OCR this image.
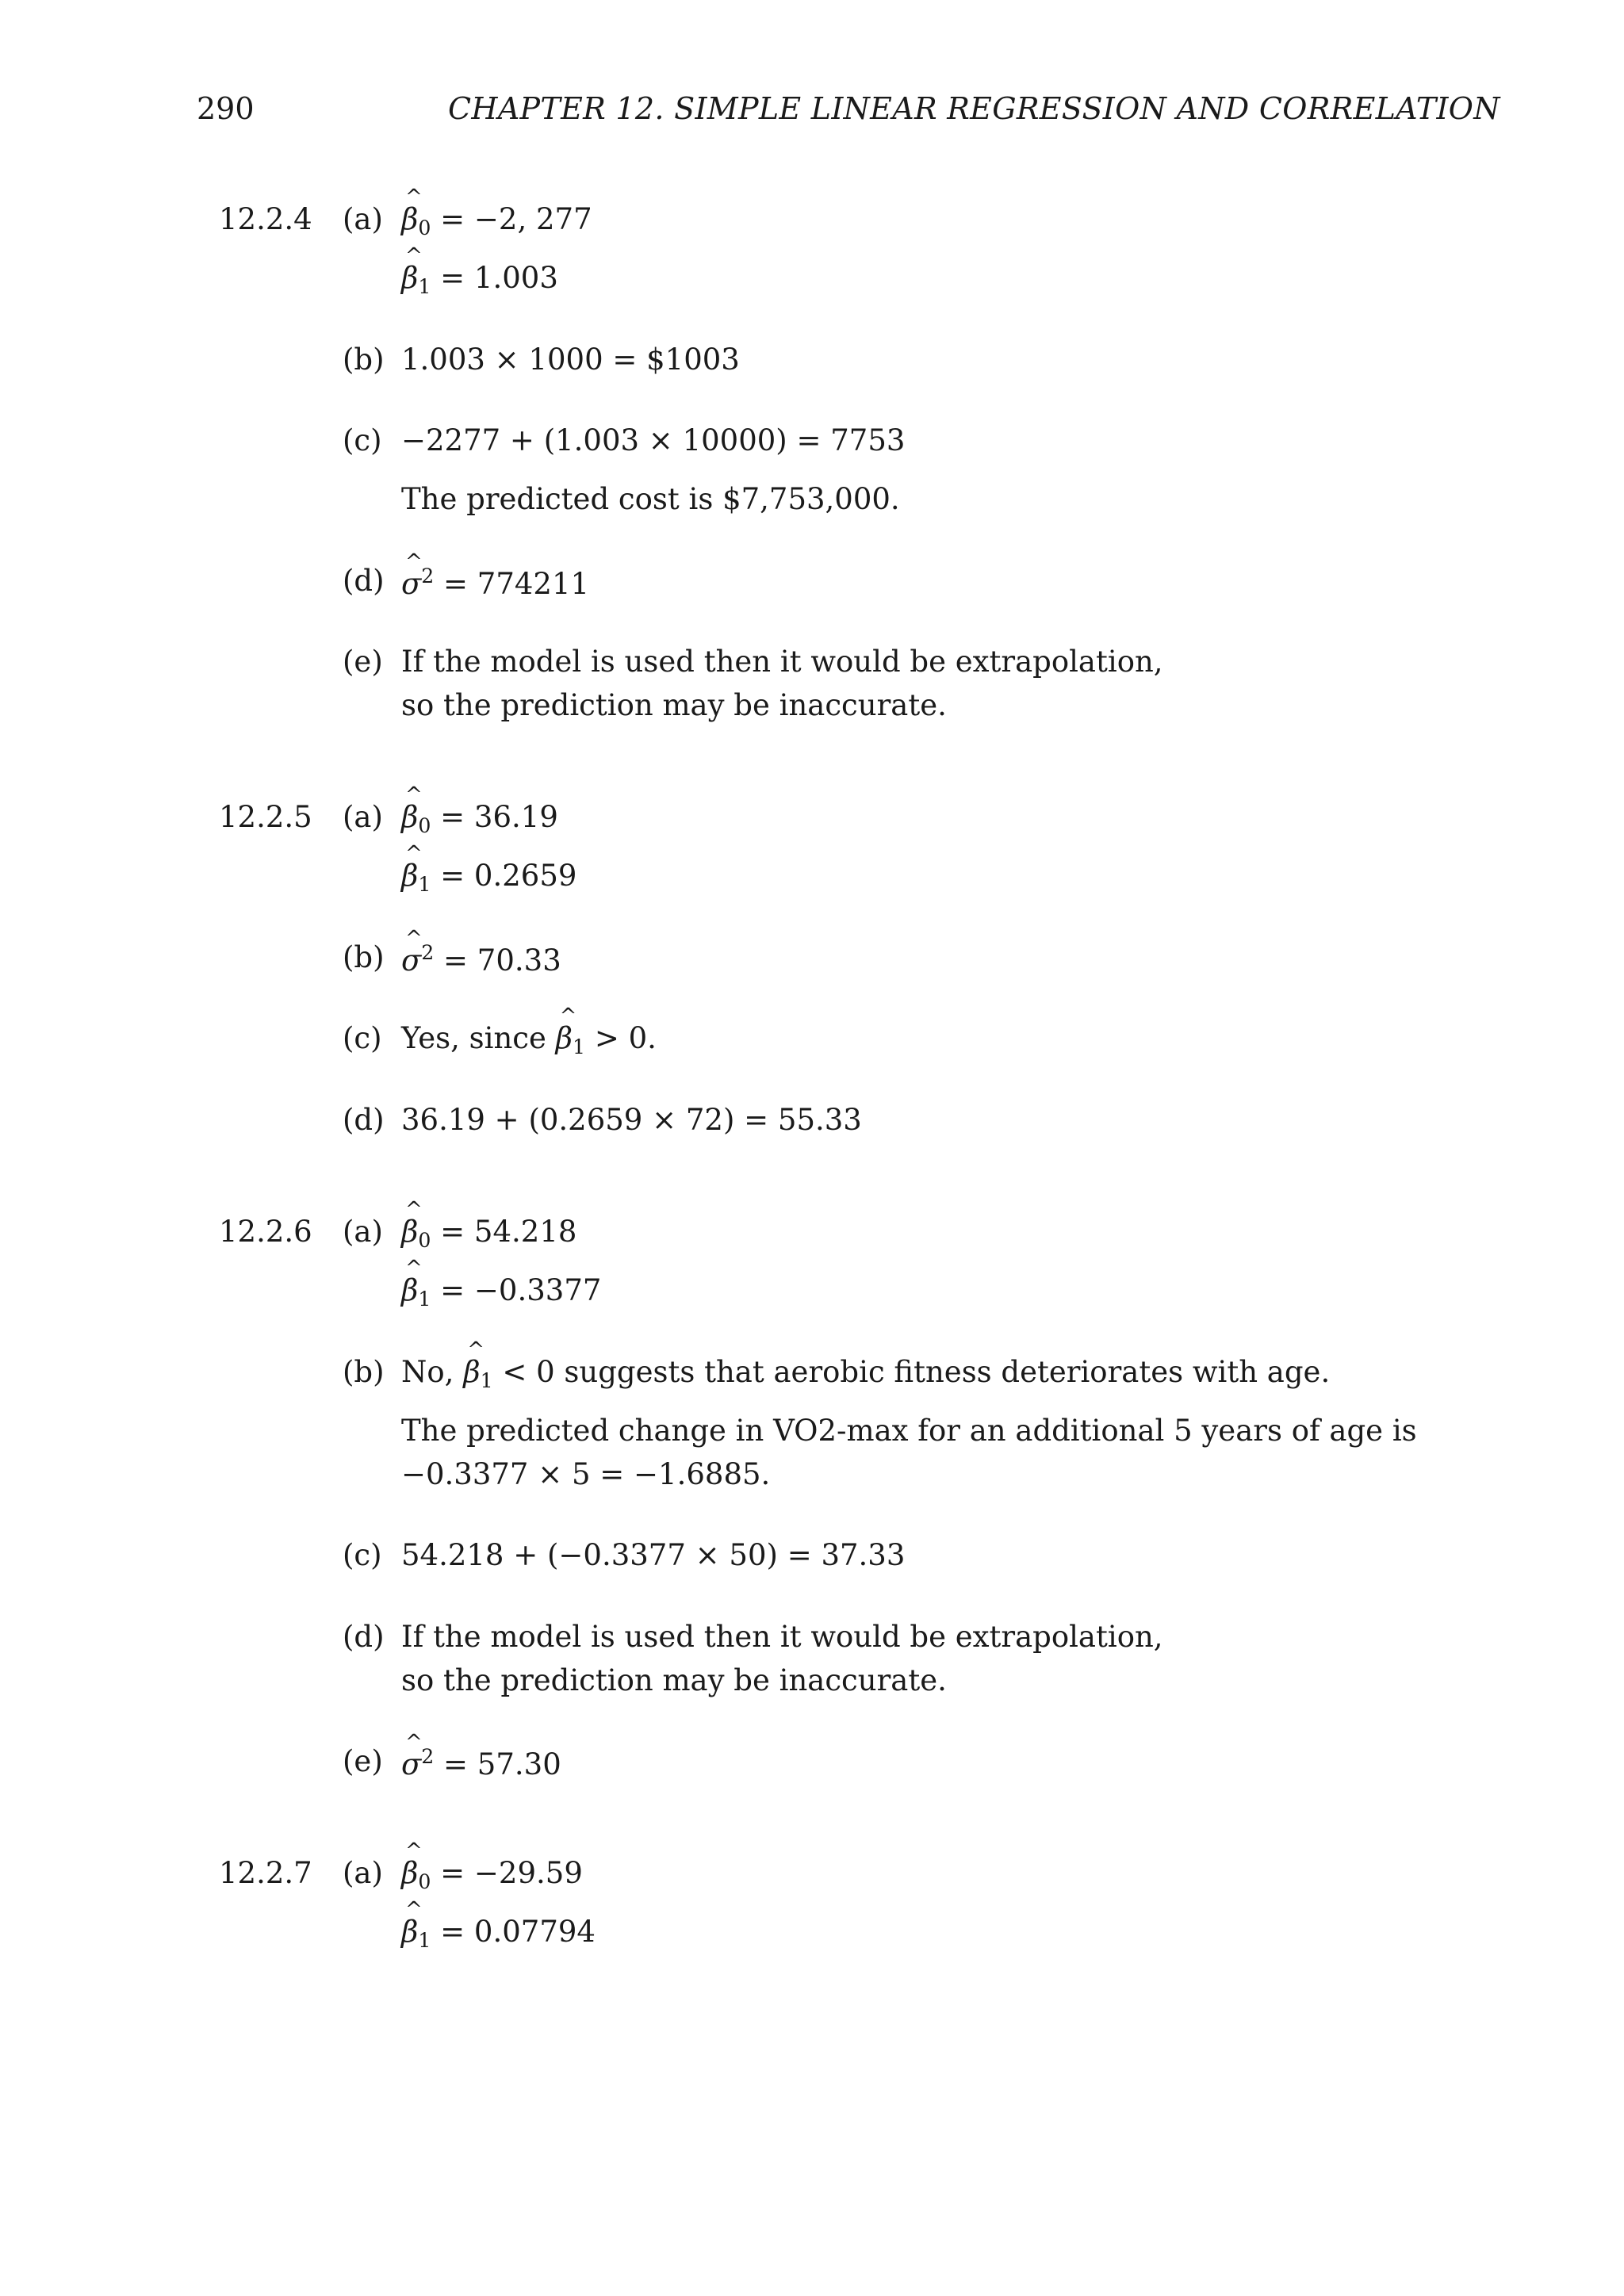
290	CHAPTER 12. SIMPLE LINEAR REGRESSION AND CORRELATION
12.2.4 (a) ^ $\beta_0 = -2$, 277
^ $\beta_1 = 1.003$
(b) 1.003 × 1000 = $1003
(c) −2277 + (1.003 × 10000) = 7753
The predicted cost is $7,753,000.
(d) ^ $\sigma^2 = 774211$
(e) If the model is used then it would be extrapolation,
so the prediction may be inaccurate.
12.2.5 (a) ^ $\beta_0 = 36.19$
^ $\beta_1 = 0.2659$
(b) ^ $\sigma^2 = 70.33$
(c) Yes, since ^ $\beta_1 > 0$.
(d) 36.19 + (0.2659 × 72) = 55.33
12.2.6 (a) ^ $\beta_0 = 54.218$
^ $\beta_1 = -0.3377$
(b) No, ^ $\beta_1 < 0$ suggests that aerobic fitness deteriorates with age.
The predicted change in VO2-max for an additional 5 years of age is
−0.3377 × 5 = −1.6885.
(c) 54.218 + (−0.3377 × 50) = 37.33
(d) If the model is used then it would be extrapolation,
so the prediction may be inaccurate.
(e) ^ $\sigma^2 = 57.30$
12.2.7 (a) ^ $\beta_0 = -29.59$
^ $\beta_1 = 0.07794$
